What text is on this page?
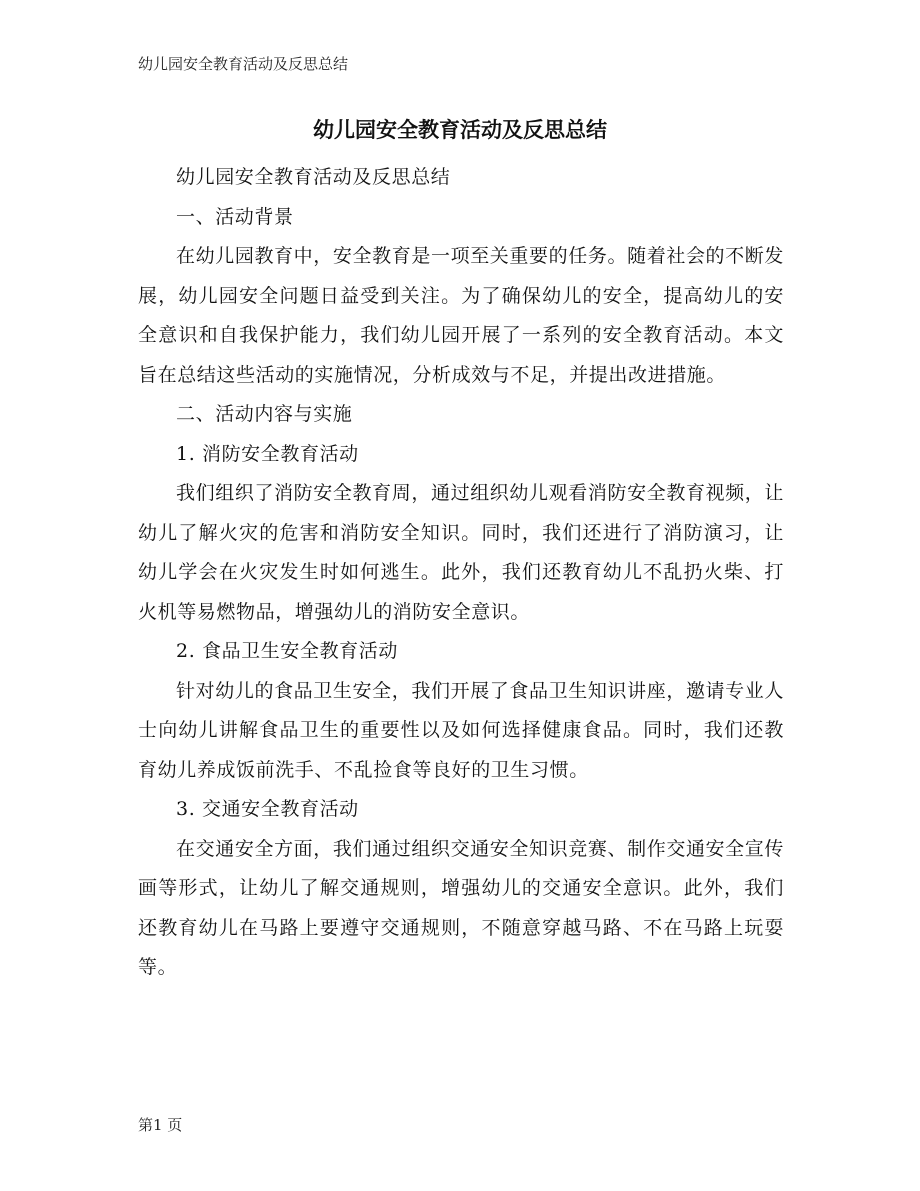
幼儿园安全教育活动及反思总结
幼儿园安全教育活动及反思总结

幼儿园安全教育活动及反思总结

一、活动背景

在幼儿园教育中，安全教育是一项至关重要的任务。随着社会的不断发展，幼儿园安全问题日益受到关注。为了确保幼儿的安全，提高幼儿的安全意识和自我保护能力，我们幼儿园开展了一系列的安全教育活动。本文旨在总结这些活动的实施情况，分析成效与不足，并提出改进措施。

二、活动内容与实施

1. 消防安全教育活动

我们组织了消防安全教育周，通过组织幼儿观看消防安全教育视频，让幼儿了解火灾的危害和消防安全知识。同时，我们还进行了消防演习，让幼儿学会在火灾发生时如何逃生。此外，我们还教育幼儿不乱扔火柴、打火机等易燃物品，增强幼儿的消防安全意识。

2. 食品卫生安全教育活动

针对幼儿的食品卫生安全，我们开展了食品卫生知识讲座，邀请专业人士向幼儿讲解食品卫生的重要性以及如何选择健康食品。同时，我们还教育幼儿养成饭前洗手、不乱捡食等良好的卫生习惯。

3. 交通安全教育活动

在交通安全方面，我们通过组织交通安全知识竞赛、制作交通安全宣传画等形式，让幼儿了解交通规则，增强幼儿的交通安全意识。此外，我们还教育幼儿在马路上要遵守交通规则，不随意穿越马路、不在马路上玩耍等。

第1 页
